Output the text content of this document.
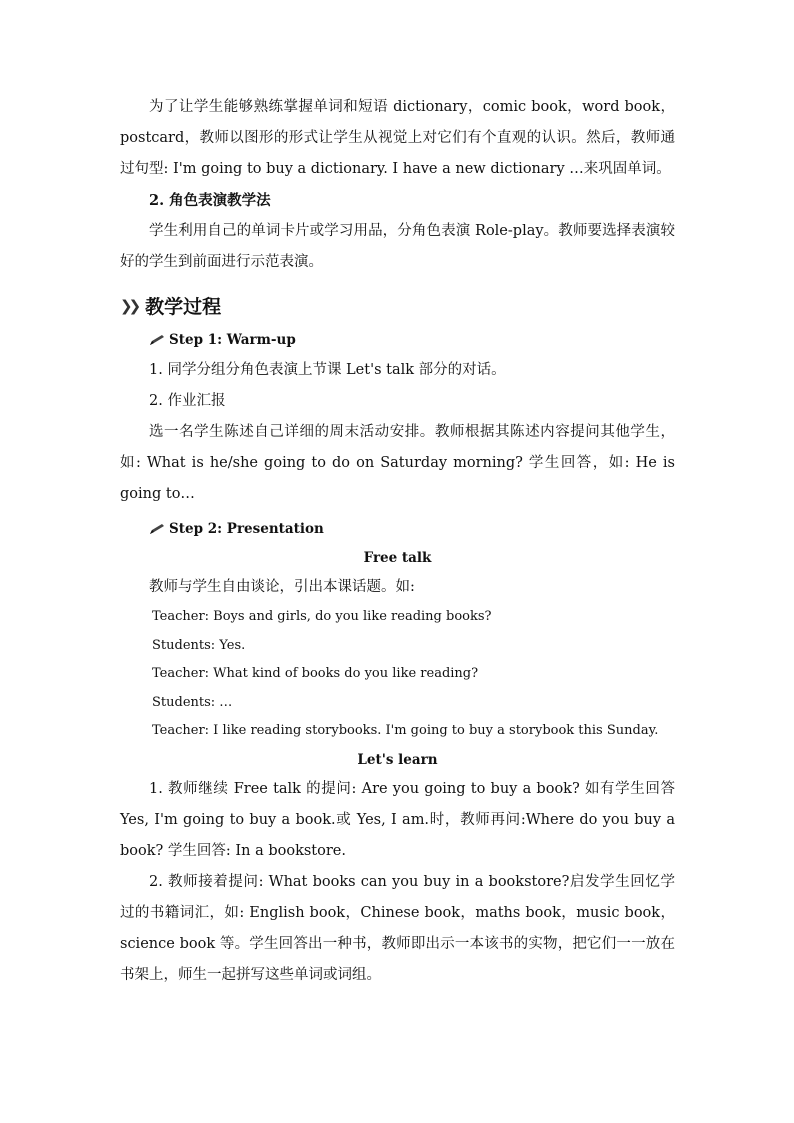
为了让学生能够熟练掌握单词和短语 dictionary，comic book，word book，postcard，教师以图形的形式让学生从视觉上对它们有个直观的认识。然后，教师通过句型: I'm going to buy a dictionary. I have a new dictionary …来巩固单词。

2. 角色表演教学法

学生利用自己的单词卡片或学习用品，分角色表演 Role-play。教师要选择表演较好的学生到前面进行示范表演。

❯❯ 教学过程
Step 1: Warm-up

1. 同学分组分角色表演上节课 Let's talk 部分的对话。

2. 作业汇报

选一名学生陈述自己详细的周末活动安排。教师根据其陈述内容提问其他学生，如: What is he/she going to do on Saturday morning? 学生回答，如: He is going to…

Step 2: Presentation
Free talk

教师与学生自由谈论，引出本课话题。如:

Teacher: Boys and girls, do you like reading books?
Students: Yes.
Teacher: What kind of books do you like reading?
Students: …
Teacher: I like reading storybooks. I'm going to buy a storybook this Sunday.
Let's learn

1. 教师继续 Free talk 的提问: Are you going to buy a book? 如有学生回答 Yes, I'm going to buy a book.或 Yes, I am.时，教师再问:Where do you buy a book? 学生回答: In a bookstore.

2. 教师接着提问: What books can you buy in a bookstore?启发学生回忆学过的书籍词汇，如: English book，Chinese book，maths book，music book，science book 等。学生回答出一种书，教师即出示一本该书的实物，把它们一一放在书架上，师生一起拼写这些单词或词组。
